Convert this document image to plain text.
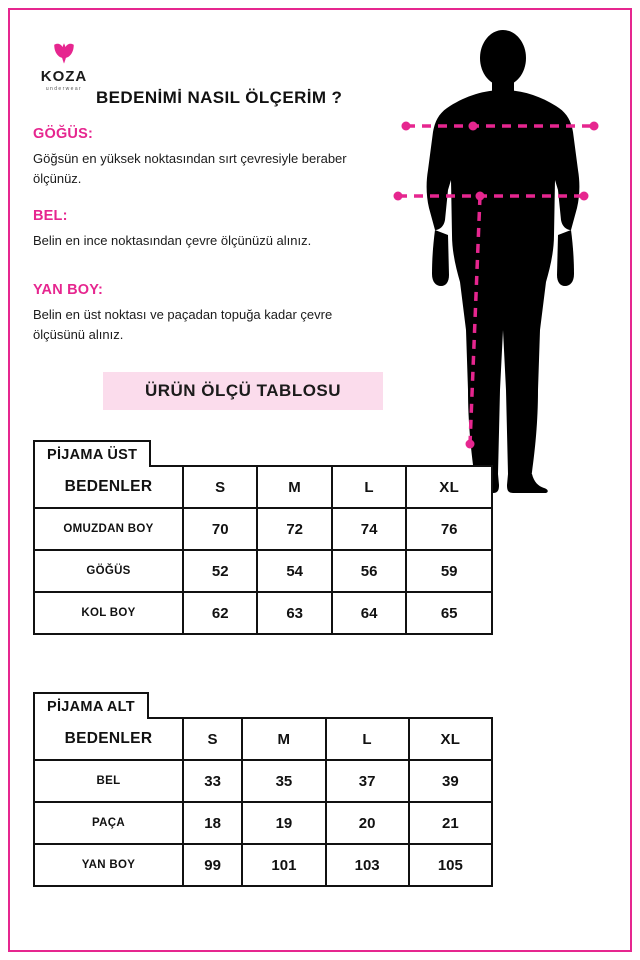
KOZA
underwear BEDENİMİ NASIL ÖLÇERİM ?

GÖĞÜS:

Göğsün en yüksek noktasından sırt çevresiyle beraber ölçünüz.

BEL:

Belin en ince noktasından çevre ölçünüzü alınız.

YAN BOY:

Belin en üst noktası ve paçadan topuğa kadar çevre ölçüsünü alınız.

ÜRÜN ÖLÇÜ TABLOSU
PİJAMA ÜST
BEDENLER	S	M	L	XL
OMUZDAN BOY	70	72	74	76
GÖĞÜS	52	54	56	59
KOL BOY	62	63	64	65
PİJAMA ALT
BEDENLER	S	M	L	XL
BEL	33	35	37	39
PAÇA	18	19	20	21
YAN BOY	99	101	103	105
